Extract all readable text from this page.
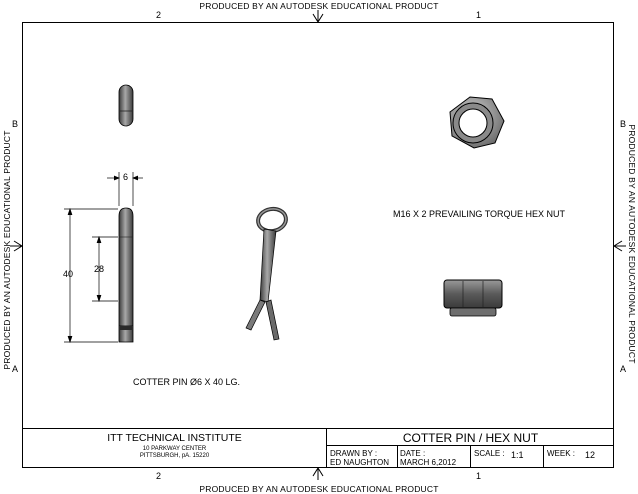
PRODUCED BY AN AUTODESK EDUCATIONAL PRODUCT
PRODUCED BY AN AUTODESK EDUCATIONAL PRODUCT
PRODUCED BY AN AUTODESK EDUCATIONAL PRODUCT	PRODUCED BY AN AUTODESK EDUCATIONAL PRODUCT
2	1
2	1
B
A
B
A
6
40 28
M16 X 2 PREVAILING TORQUE HEX NUT
COTTER PIN Ø6 X 40 LG.
ITT TECHNICAL INSTITUTE
10 PARKWAY CENTER
PITTSBURGH, pA. 15220
COTTER PIN / HEX NUT
DRAWN BY :
ED NAUGHTON
DATE :
MARCH 6,2012
SCALE : 1:1	WEEK : 12
